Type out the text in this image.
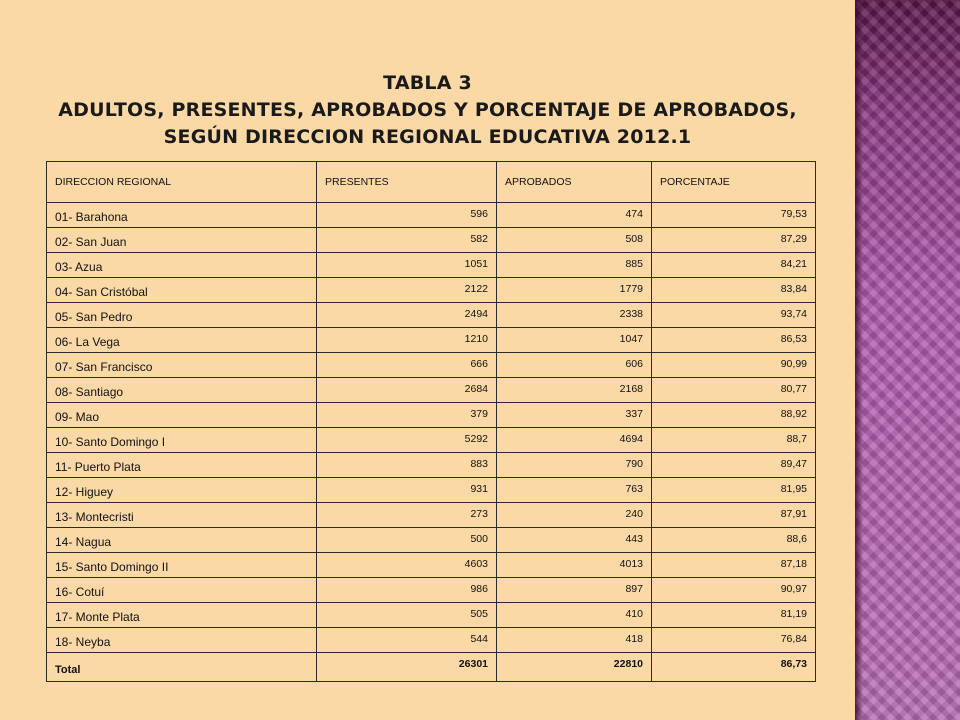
TABLA 3
ADULTOS, PRESENTES, APROBADOS Y PORCENTAJE DE APROBADOS,
SEGÚN DIRECCION REGIONAL EDUCATIVA 2012.1
DIRECCION REGIONAL	PRESENTES	APROBADOS	PORCENTAJE
01- Barahona	596	474	79,53
02- San Juan	582	508	87,29
03- Azua	1051	885	84,21
04- San Cristóbal	2122	1779	83,84
05- San Pedro	2494	2338	93,74
06- La Vega	1210	1047	86,53
07- San Francisco	666	606	90,99
08- Santiago	2684	2168	80,77
09- Mao	379	337	88,92
10- Santo Domingo I	5292	4694	88,7
11- Puerto Plata	883	790	89,47
12- Higuey	931	763	81,95
13- Montecristi	273	240	87,91
14- Nagua	500	443	88,6
15- Santo Domingo II	4603	4013	87,18
16- Cotuí	986	897	90,97
17- Monte Plata	505	410	81,19
18- Neyba	544	418	76,84
Total	26301	22810	86,73
